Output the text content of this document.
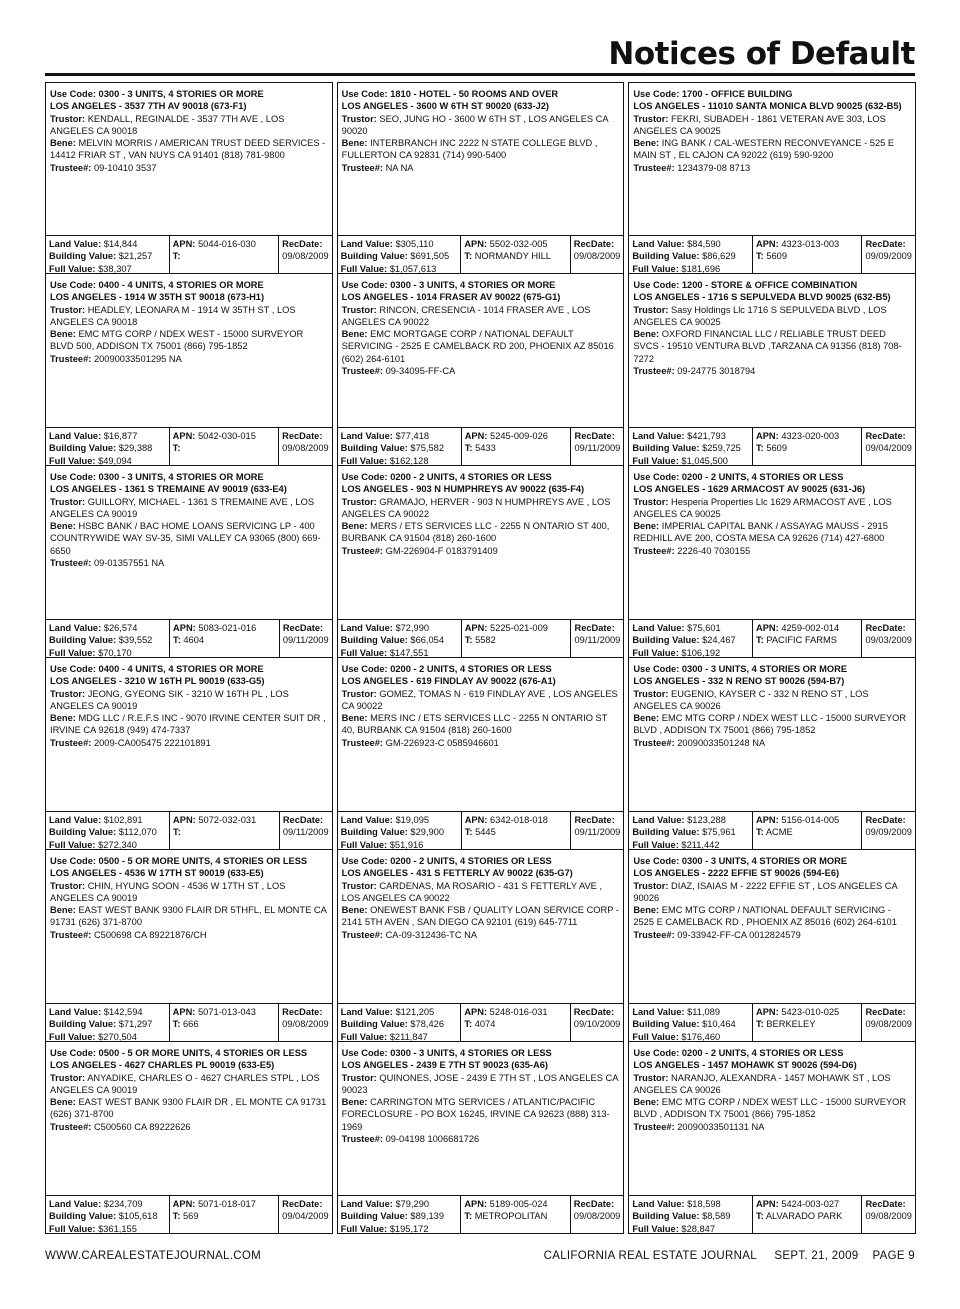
Notices of Default
Use Code: 0300 - 3 UNITS, 4 STORIES OR MORE
LOS ANGELES - 3537 7TH AV 90018 (673-F1)
Trustor: KENDALL, REGINALDE - 3537 7TH AVE , LOS ANGELES CA 90018
Bene: MELVIN MORRIS / AMERICAN TRUST DEED SERVICES - 14412 FRIAR ST , VAN NUYS CA 91401 (818) 781-9800
Trustee#: 09-10410 3537
Land Value: $14,844
Building Value: $21,257
Full Value: $38,307
APN: 5044-016-030
T:
RecDate:
09/08/2009
Use Code: 1810 - HOTEL - 50 ROOMS AND OVER
LOS ANGELES - 3600 W 6TH ST 90020 (633-J2)
Trustor: SEO, JUNG HO - 3600 W 6TH ST , LOS ANGELES CA 90020
Bene: INTERBRANCH INC 2222 N STATE COLLEGE BLVD , FULLERTON CA 92831 (714) 990-5400
Trustee#: NA NA
Land Value: $305,110
Building Value: $691,505
Full Value: $1,057,613
APN: 5502-032-005
T: NORMANDY HILL
RecDate:
09/08/2009
Use Code: 1700 - OFFICE BUILDING
LOS ANGELES - 11010 SANTA MONICA BLVD 90025 (632-B5)
Trustor: FEKRI, SUBADEH - 1861 VETERAN AVE 303, LOS ANGELES CA 90025
Bene: ING BANK / CAL-WESTERN RECONVEYANCE - 525 E MAIN ST , EL CAJON CA 92022 (619) 590-9200
Trustee#: 1234379-08 8713
Land Value: $84,590
Building Value: $86,629
Full Value: $181,696
APN: 4323-013-003
T: 5609
RecDate:
09/09/2009
Use Code: 0400 - 4 UNITS, 4 STORIES OR MORE
LOS ANGELES - 1914 W 35TH ST 90018 (673-H1)
Trustor: HEADLEY, LEONARA M - 1914 W 35TH ST , LOS ANGELES CA 90018
Bene: EMC MTG CORP / NDEX WEST - 15000 SURVEYOR BLVD 500, ADDISON TX 75001 (866) 795-1852
Trustee#: 20090033501295 NA
Land Value: $16,877
Building Value: $29,388
Full Value: $49,094
APN: 5042-030-015
T:
RecDate:
09/08/2009
Use Code: 0300 - 3 UNITS, 4 STORIES OR MORE
LOS ANGELES - 1014 FRASER AV 90022 (675-G1)
Trustor: RINCON, CRESENCIA - 1014 FRASER AVE , LOS ANGELES CA 90022
Bene: EMC MORTGAGE CORP / NATIONAL DEFAULT SERVICING - 2525 E CAMELBACK RD 200, PHOENIX AZ 85016 (602) 264-6101
Trustee#: 09-34095-FF-CA
Land Value: $77,418
Building Value: $75,582
Full Value: $162,128
APN: 5245-009-026
T: 5433
RecDate:
09/11/2009
Use Code: 1200 - STORE & OFFICE COMBINATION
LOS ANGELES - 1716 S SEPULVEDA BLVD 90025 (632-B5)
Trustor: Sasy Holdings Llc 1716 S SEPULVEDA BLVD , LOS ANGELES CA 90025
Bene: OXFORD FINANCIAL LLC / RELIABLE TRUST DEED SVCS - 19510 VENTURA BLVD ,TARZANA CA 91356 (818) 708-7272
Trustee#: 09-24775 3018794
Land Value: $421,793
Building Value: $259,725
Full Value: $1,045,500
APN: 4323-020-003
T: 5609
RecDate:
09/04/2009
Use Code: 0300 - 3 UNITS, 4 STORIES OR MORE
LOS ANGELES - 1361 S TREMAINE AV 90019 (633-E4)
Trustor: GUILLORY, MICHAEL - 1361 S TREMAINE AVE , LOS ANGELES CA 90019
Bene: HSBC BANK / BAC HOME LOANS SERVICING LP - 400 COUNTRYWIDE WAY SV-35, SIMI VALLEY CA 93065 (800) 669-6650
Trustee#: 09-01357551 NA
Land Value: $26,574
Building Value: $39,552
Full Value: $70,170
APN: 5083-021-016
T: 4604
RecDate:
09/11/2009
Use Code: 0200 - 2 UNITS, 4 STORIES OR LESS
LOS ANGELES - 903 N HUMPHREYS AV 90022 (635-F4)
Trustor: GRAMAJO, HERVER - 903 N HUMPHREYS AVE , LOS ANGELES CA 90022
Bene: MERS / ETS SERVICES LLC - 2255 N ONTARIO ST 400, BURBANK CA 91504 (818) 260-1600
Trustee#: GM-226904-F 0183791409
Land Value: $72,990
Building Value: $66,054
Full Value: $147,551
APN: 5225-021-009
T: 5582
RecDate:
09/11/2009
Use Code: 0200 - 2 UNITS, 4 STORIES OR LESS
LOS ANGELES - 1629 ARMACOST AV 90025 (631-J6)
Trustor: Hesperia Properties Llc 1629 ARMACOST AVE , LOS ANGELES CA 90025
Bene: IMPERIAL CAPITAL BANK / ASSAYAG MAUSS - 2915 REDHILL AVE 200, COSTA MESA CA 92626 (714) 427-6800
Trustee#: 2226-40 7030155
Land Value: $75,601
Building Value: $24,467
Full Value: $106,192
APN: 4259-002-014
T: PACIFIC FARMS
RecDate:
09/03/2009
Use Code: 0400 - 4 UNITS, 4 STORIES OR MORE
LOS ANGELES - 3210 W 16TH PL 90019 (633-G5)
Trustor: JEONG, GYEONG SIK - 3210 W 16TH PL , LOS ANGELES CA 90019
Bene: MDG LLC / R.E.F.S INC - 9070 IRVINE CENTER SUIT DR , IRVINE CA 92618 (949) 474-7337
Trustee#: 2009-CA005475 222101891
Land Value: $102,891
Building Value: $112,070
Full Value: $272,340
APN: 5072-032-031
T:
RecDate:
09/11/2009
Use Code: 0200 - 2 UNITS, 4 STORIES OR LESS
LOS ANGELES - 619 FINDLAY AV 90022 (676-A1)
Trustor: GOMEZ, TOMAS N - 619 FINDLAY AVE , LOS ANGELES CA 90022
Bene: MERS INC / ETS SERVICES LLC - 2255 N ONTARIO ST 40, BURBANK CA 91504 (818) 260-1600
Trustee#: GM-226923-C 0585946601
Land Value: $19,095
Building Value: $29,900
Full Value: $51,916
APN: 6342-018-018
T: 5445
RecDate:
09/11/2009
Use Code: 0300 - 3 UNITS, 4 STORIES OR MORE
LOS ANGELES - 332 N RENO ST 90026 (594-B7)
Trustor: EUGENIO, KAYSER C - 332 N RENO ST , LOS ANGELES CA 90026
Bene: EMC MTG CORP / NDEX WEST LLC - 15000 SURVEYOR BLVD , ADDISON TX 75001 (866) 795-1852
Trustee#: 20090033501248 NA
Land Value: $123,288
Building Value: $75,961
Full Value: $211,442
APN: 5156-014-005
T: ACME
RecDate:
09/09/2009
Use Code: 0500 - 5 OR MORE UNITS, 4 STORIES OR LESS
LOS ANGELES - 4536 W 17TH ST 90019 (633-E5)
Trustor: CHIN, HYUNG SOON - 4536 W 17TH ST , LOS ANGELES CA 90019
Bene: EAST WEST BANK 9300 FLAIR DR 5THFL, EL MONTE CA 91731 (626) 371-8700
Trustee#: C500698 CA 89221876/CH
Land Value: $142,594
Building Value: $71,297
Full Value: $270,504
APN: 5071-013-043
T: 666
RecDate:
09/08/2009
Use Code: 0200 - 2 UNITS, 4 STORIES OR LESS
LOS ANGELES - 431 S FETTERLY AV 90022 (635-G7)
Trustor: CARDENAS, MA ROSARIO - 431 S FETTERLY AVE , LOS ANGELES CA 90022
Bene: ONEWEST BANK FSB / QUALITY LOAN SERVICE CORP - 2141 5TH AVEN , SAN DIEGO CA 92101 (619) 645-7711
Trustee#: CA-09-312436-TC NA
Land Value: $121,205
Building Value: $78,426
Full Value: $211,847
APN: 5248-016-031
T: 4074
RecDate:
09/10/2009
Use Code: 0300 - 3 UNITS, 4 STORIES OR MORE
LOS ANGELES - 2222 EFFIE ST 90026 (594-E6)
Trustor: DIAZ, ISAIAS M - 2222 EFFIE ST , LOS ANGELES CA 90026
Bene: EMC MTG CORP / NATIONAL DEFAULT SERVICING - 2525 E CAMELBACK RD , PHOENIX AZ 85016 (602) 264-6101
Trustee#: 09-33942-FF-CA 0012824579
Land Value: $11,089
Building Value: $10,464
Full Value: $176,460
APN: 5423-010-025
T: BERKELEY
RecDate:
09/08/2009
Use Code: 0500 - 5 OR MORE UNITS, 4 STORIES OR LESS
LOS ANGELES - 4627 CHARLES PL 90019 (633-E5)
Trustor: ANYADIKE, CHARLES O - 4627 CHARLES STPL , LOS ANGELES CA 90019
Bene: EAST WEST BANK 9300 FLAIR DR , EL MONTE CA 91731 (626) 371-8700
Trustee#: C500560 CA 89222626
Land Value: $234,709
Building Value: $105,618
Full Value: $361,155
APN: 5071-018-017
T: 569
RecDate:
09/04/2009
Use Code: 0300 - 3 UNITS, 4 STORIES OR LESS
LOS ANGELES - 2439 E 7TH ST 90023 (635-A6)
Trustor: QUINONES, JOSE - 2439 E 7TH ST , LOS ANGELES CA 90023
Bene: CARRINGTON MTG SERVICES / ATLANTIC/PACIFIC FORECLOSURE - PO BOX 16245, IRVINE CA 92623 (888) 313-1969
Trustee#: 09-04198 1006681726
Land Value: $79,290
Building Value: $89,139
Full Value: $195,172
APN: 5189-005-024
T: METROPOLITAN
RecDate:
09/08/2009
Use Code: 0200 - 2 UNITS, 4 STORIES OR LESS
LOS ANGELES - 1457 MOHAWK ST 90026 (594-D6)
Trustor: NARANJO, ALEXANDRA - 1457 MOHAWK ST , LOS ANGELES CA 90026
Bene: EMC MTG CORP / NDEX WEST LLC - 15000 SURVEYOR BLVD , ADDISON TX 75001 (866) 795-1852
Trustee#: 20090033501131 NA
Land Value: $18,598
Building Value: $8,589
Full Value: $28,847
APN: 5424-003-027
T: ALVARADO PARK
RecDate:
09/08/2009
WWW.CAREALESTATEJOURNAL.COM	CALIFORNIA REAL ESTATE JOURNAL SEPT. 21, 2009 PAGE 9
